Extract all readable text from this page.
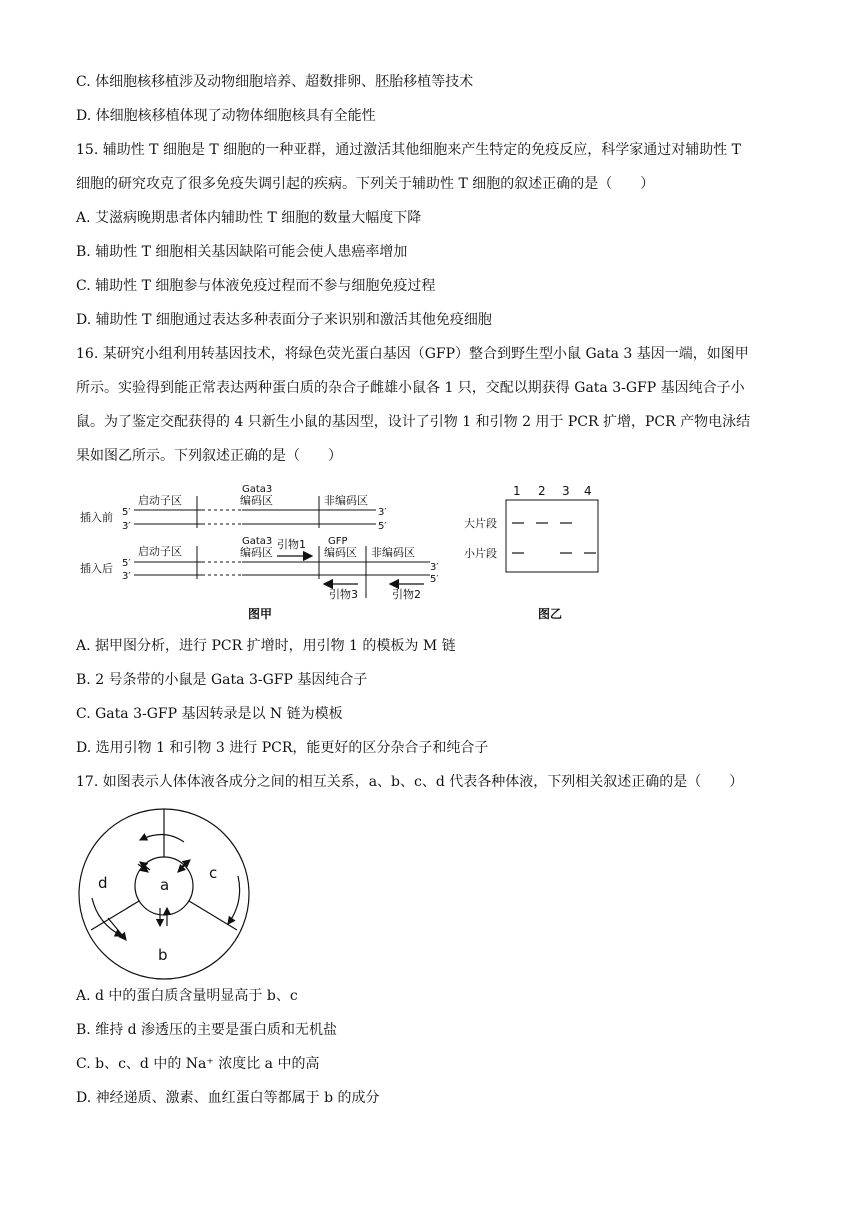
C. 体细胞核移植涉及动物细胞培养、超数排卵、胚胎移植等技术
D. 体细胞核移植体现了动物体细胞核具有全能性
15. 辅助性 T 细胞是 T 细胞的一种亚群，通过激活其他细胞来产生特定的免疫反应，科学家通过对辅助性 T
细胞的研究攻克了很多免疫失调引起的疾病。下列关于辅助性 T 细胞的叙述正确的是（　　）
A. 艾滋病晚期患者体内辅助性 T 细胞的数量大幅度下降
B. 辅助性 T 细胞相关基因缺陷可能会使人患癌率增加
C. 辅助性 T 细胞参与体液免疫过程而不参与细胞免疫过程
D. 辅助性 T 细胞通过表达多种表面分子来识别和激活其他免疫细胞
16. 某研究小组利用转基因技术，将绿色荧光蛋白基因（GFP）整合到野生型小鼠 Gata 3 基因一端，如图甲
所示。实验得到能正常表达两种蛋白质的杂合子雌雄小鼠各 1 只，交配以期获得 Gata 3-GFP 基因纯合子小
鼠。为了鉴定交配获得的 4 只新生小鼠的基因型，设计了引物 1 和引物 2 用于 PCR 扩增，PCR 产物电泳结
果如图乙所示。下列叙述正确的是（　　）
插入前 5′
3′
启动子区
Gata3
编码区	非编码区
3′
5′
插入后 5′
3′
启动子区
Gata3
编码区
引物1 GFP
编码区 非编码区
3′
5′
引物3	引物2
图甲
1 2 3 4
大片段
小片段
图乙
A. 据甲图分析，进行 PCR 扩增时，用引物 1 的模板为 M 链
B. 2 号条带的小鼠是 Gata 3-GFP 基因纯合子
C. Gata 3-GFP 基因转录是以 N 链为模板
D. 选用引物 1 和引物 3 进行 PCR，能更好的区分杂合子和纯合子
17. 如图表示人体体液各成分之间的相互关系，a、b、c、d 代表各种体液，下列相关叙述正确的是（　　）
a
b
c
d
A. d 中的蛋白质含量明显高于 b、c
B. 维持 d 渗透压的主要是蛋白质和无机盐
C. b、c、d 中的 Na⁺ 浓度比 a 中的高
D. 神经递质、激素、血红蛋白等都属于 b 的成分
